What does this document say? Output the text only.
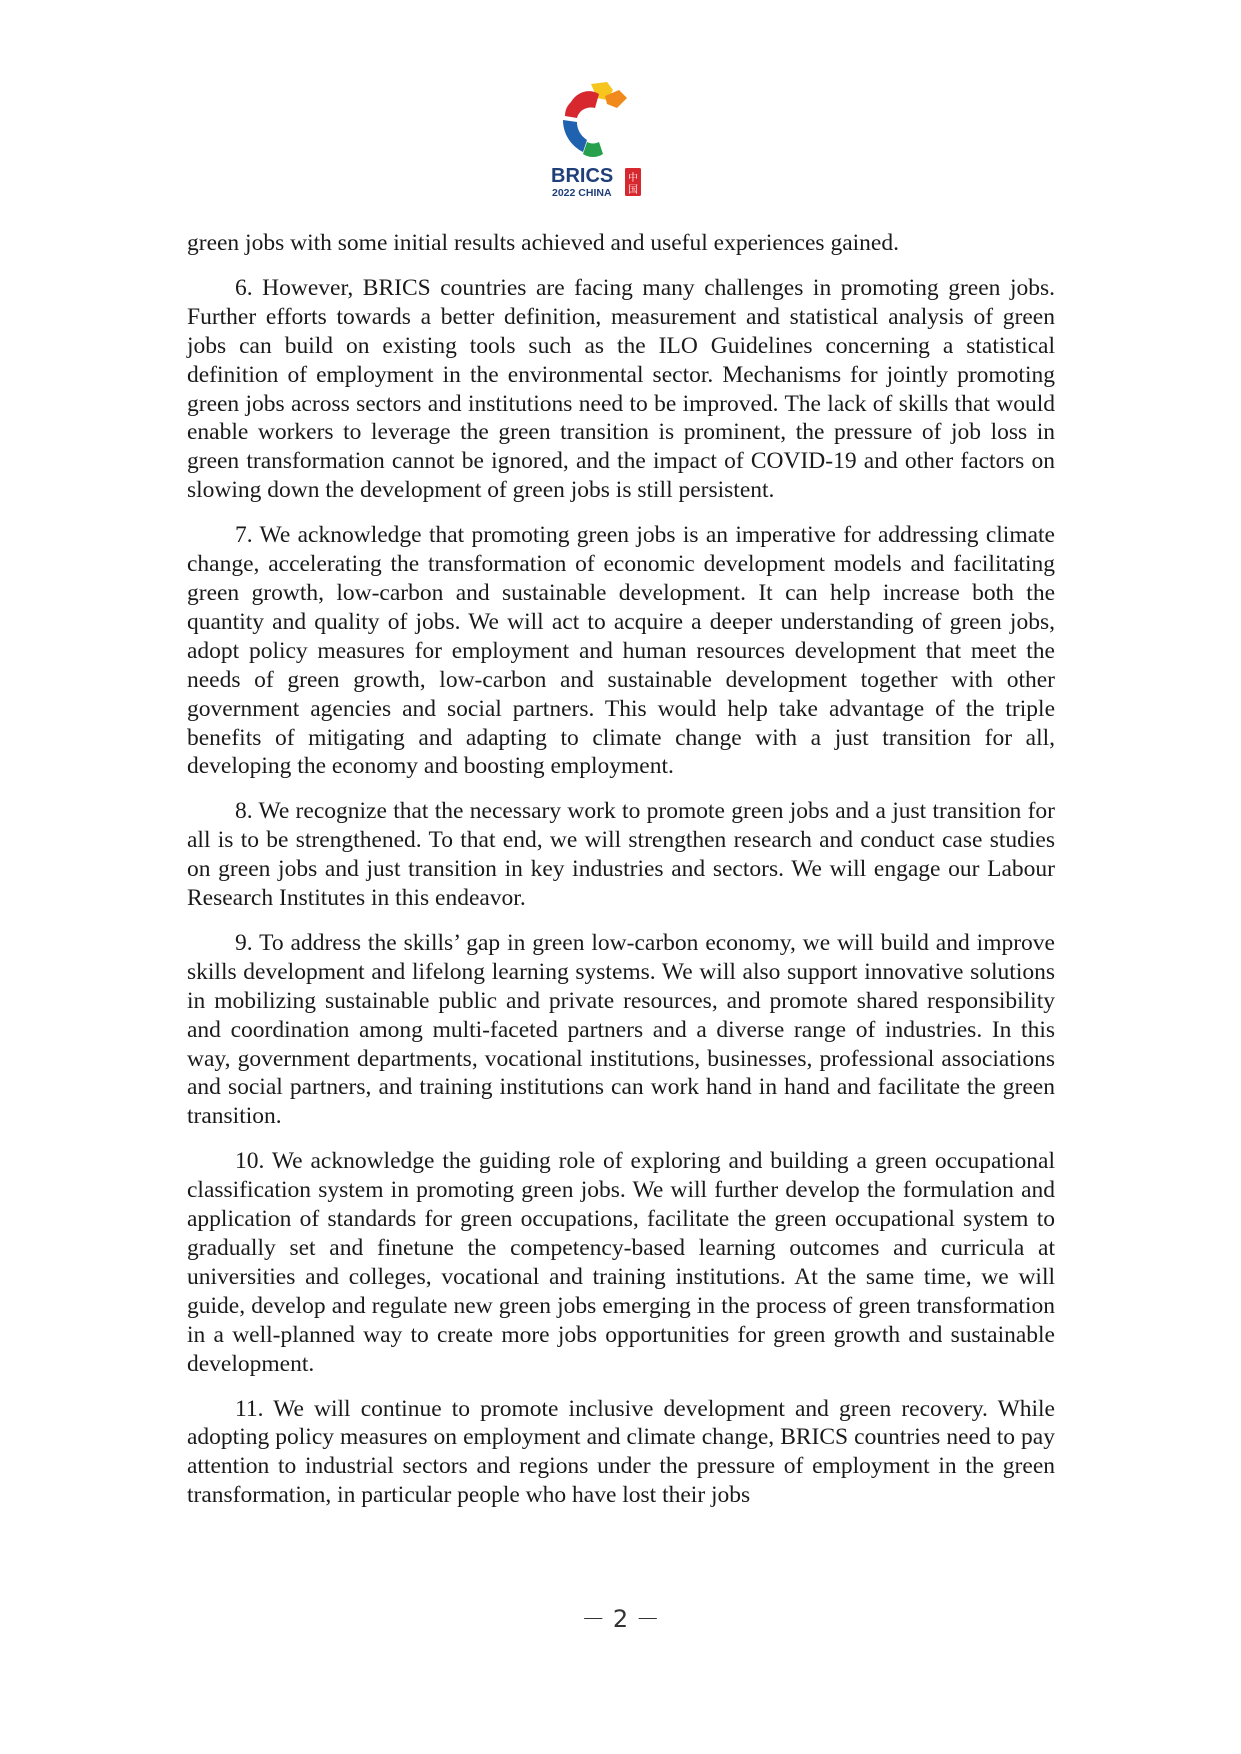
BRICS
2022 CHINA
中
国

green jobs with some initial results achieved and useful experiences gained.

6. However, BRICS countries are facing many challenges in promoting green jobs. Further efforts towards a better definition, measurement and statistical analysis of green jobs can build on existing tools such as the ILO Guidelines concerning a statistical definition of employment in the environmental sector. Mechanisms for jointly promoting green jobs across sectors and institutions need to be improved. The lack of skills that would enable workers to leverage the green transition is prominent, the pressure of job loss in green transformation cannot be ignored, and the impact of COVID-19 and other factors on slowing down the development of green jobs is still persistent.

7. We acknowledge that promoting green jobs is an imperative for addressing climate change, accelerating the transformation of economic development models and facilitating green growth, low-carbon and sustainable development. It can help increase both the quantity and quality of jobs. We will act to acquire a deeper understanding of green jobs, adopt policy measures for employment and human resources development that meet the needs of green growth, low-carbon and sustainable development together with other government agencies and social partners. This would help take advantage of the triple benefits of mitigating and adapting to climate change with a just transition for all, developing the economy and boosting employment.

8. We recognize that the necessary work to promote green jobs and a just transition for all is to be strengthened. To that end, we will strengthen research and conduct case studies on green jobs and just transition in key industries and sectors. We will engage our Labour Research Institutes in this endeavor.

9. To address the skills’ gap in green low-carbon economy, we will build and improve skills development and lifelong learning systems. We will also support innovative solutions in mobilizing sustainable public and private resources, and promote shared responsibility and coordination among multi-faceted partners and a diverse range of industries. In this way, government departments, vocational institutions, businesses, professional associations and social partners, and training institutions can work hand in hand and facilitate the green transition.

10. We acknowledge the guiding role of exploring and building a green occupational classification system in promoting green jobs. We will further develop the formulation and application of standards for green occupations, facilitate the green occupational system to gradually set and finetune the competency-based learning outcomes and curricula at universities and colleges, vocational and training institutions. At the same time, we will guide, develop and regulate new green jobs emerging in the process of green transformation in a well-planned way to create more jobs opportunities for green growth and sustainable development.

11. We will continue to promote inclusive development and green recovery. While adopting policy measures on employment and climate change, BRICS countries need to pay attention to industrial sectors and regions under the pressure of employment in the green transformation, in particular people who have lost their jobs

－ 2 －
